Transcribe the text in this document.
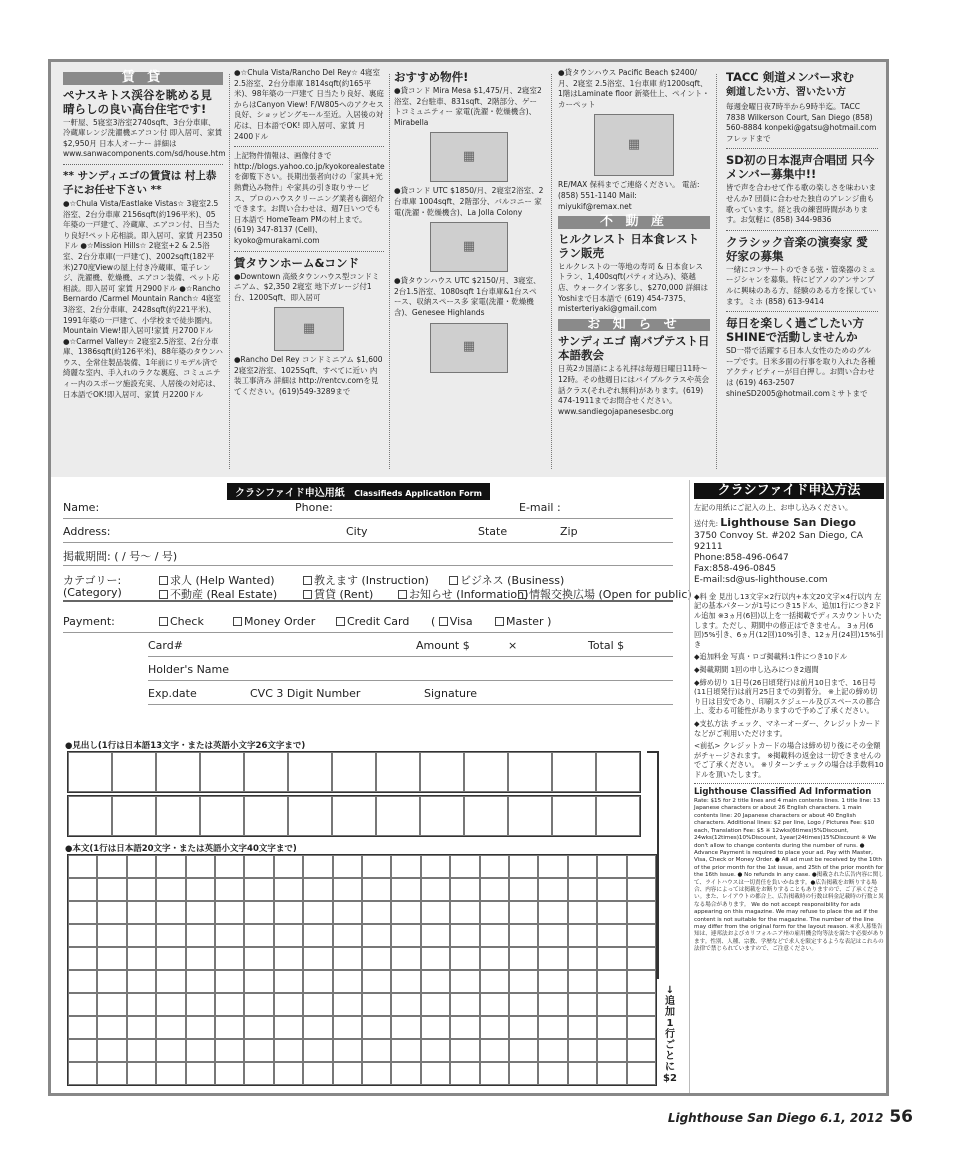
賃 貸
ペナスキトス渓谷を眺める見晴らしの良い高台住宅です!

一軒屋、5寝室3浴室2740sqft、3台分車庫、冷蔵庫レンジ洗濯機エアコン付 即入居可、家賃$2,950月 日本人オーナー 詳細は www.sanwacomponents.com/sd/house.htm

** サンディエゴの賃貸は 村上恭子にお任せ下さい **

●☆Chula Vista/Eastlake Vistas☆ 3寝室2.5浴室、2台分車庫 2156sqft(約196平米)、05年築の一戸建て、冷蔵庫、エアコン付、日当たり良好!ペット応相談。即入居可、家賃 月2350ドル ●☆Mission Hills☆ 2寝室+2 & 2.5浴室、2台分車庫(一戸建て)、2002sqft(182平米)270度Viewの屋上付き冷蔵庫、電子レンジ、洗濯機、乾燥機、エアコン装備、ペット応相談。即入居可 家賃 月2900ドル ●☆Rancho Bernardo /Carmel Mountain Ranch☆ 4寝室3浴室、2台分車庫、2428sqft(約221平米)、1991年築の一戸建て、小学校まで徒歩圏内。Mountain View!即入居可!家賃 月2700ドル ●☆Carmel Valley☆ 2寝室2.5浴室、2台分車庫、1386sqft(約126平米)、88年築のタウンハウス、全常住製品装備、1年前にリモデル済で綺麗な室内、手入れのラクな裏庭、コミュニティー内のスポーツ施設充実、人居後の対応は、日本語でOK!即入居可、家賃 月2200ドル

●☆Chula Vista/Rancho Del Rey☆ 4寝室2.5浴室、2台分車庫 1814sqft(約165平米)、98年築の一戸建て 日当たり良好、裏庭からはCanyon View! F/W805へのアクセス良好、ショッピングモール至近。入居後の対応は、日本語でOK! 即入居可、家賃 月2400ドル

上記物件情報は、画像付きで http://blogs.yahoo.co.jp/kyokorealestate を御覧下さい。長期出張者向けの「家具+光熱費込み物件」や家具の引き取りサービス、プロのハウスクリーニング業者も御紹介できます。お問い合わせは、週7日いつでも日本語で HomeTeam PMの村上まで。(619) 347-8137 (Cell)、kyoko@murakami.com

賃タウンホーム&コンド

●Downtown 高級タウンハウス型コンドミニアム、$2,350 2寝室 地下ガレージ付1台、1200Sqft、即入居可

▦

●Rancho Del Rey コンドミニアム $1,600 2寝室2浴室、1025Sqft、すべてに近い 内装工事済み 詳細は http://rentcv.comを見てください。(619)549-3289まで

おすすめ物件!

●貸コンド Mira Mesa $1,475/月、2寝室2浴室、2台駐車、831sqft、2階部分、ゲートコミュニティー 家電(洗濯・乾燥機含)、Mirabella

▦

●貸コンド UTC $1850/月、2寝室2浴室、2台車庫 1004sqft、2階部分、バルコニー 家電(洗濯・乾燥機含)、La Jolla Colony

▦

●貸タウンハウス UTC $2150/月、3寝室、2台1.5浴室、1080sqft 1台車庫&1台スペース、収納スペース多 家電(洗濯・乾燥機含)、Genesee Highlands

▦

●貸タウンハウス Pacific Beach $2400/月、2寝室 2.5浴室、1台車庫 約1200sqft、1階はLaminate floor 新築仕上、ペイント・カーペット

▦

RE/MAX 保科までご連絡ください。 電話: (858) 551-1140 Mail: miyukif@remax.net

不 動 産
ヒルクレスト 日本食レストラン販売

ヒルクレストの一等地の寿司 & 日本食レストラン、1,400sqft(パティオ込み)、築越店、ウォークイン客多し、$270,000 詳細はYoshiまで日本語で (619) 454-7375、misterteriyaki@gmail.com

お 知 ら せ
サンディエゴ 南バプテスト日本語教会

日英2カ国語による礼拝は毎週日曜日11時〜12時。その他週日にはバイブルクラスや英会話クラス(それぞれ無料)があります。(619) 474-1911までお問合せください。 www.sandiegojapanesesbc.org

TACC 剣道メンバー求む
剣道したい方、習いたい方

毎週金曜日夜7時半から9時半迄。TACC 7838 Wilkerson Court, San Diego (858) 560-8884 konpeki@gatsu@hotmail.com フレッドまで

SD初の日本混声合唱団 只今メンバー募集中!!

皆で声を合わせて作る歌の楽しさを味わいませんか? 団員に合わせた独自のアレンジ曲も歌っています。経と我の練習時間があります。お気軽に (858) 344-9836

クラシック音楽の演奏家 愛好家の募集

一緒にコンサートのできる弦・管楽器のミュージシャンを募集。特にピアノのアンサンブルに興味のある方、経験のある方を探しています。ミホ (858) 613-9414

毎日を楽しく過ごしたい方 SHINEで活動しませんか

SD一帯で活躍する日本人女性のためのグループです。日米多面の行事を取り入れた各種アクティビティーが目白押し。お問い合わせは (619) 463-2507 shineSD2005@hotmail.comミサトまで

クラシファイド申込用紙 Classifieds Application Form
Name:	Phone:	E-mail :
Address:	City	State	Zip
掲載期間: ( / 号〜 / 号)
カテゴリー:
(Category)
求人 (Help Wanted)	教えます (Instruction)	ビジネス (Business)
不動産 (Real Estate)	賃貸 (Rent)	お知らせ (Information) 情報交換広場 (Open for public)
Payment:	Check	Money Order	Credit Card ( Visa	Master )
Card#	Amount $	×	Total $
Holder's Name
Exp.date	CVC 3 Digit Number	Signature
●見出し(1行は日本語13文字・または英語小文字26文字まで)
●本文(1行は日本語20文字・または英語小文字40文字まで)
↓追加1行ごとに$2
クラシファイド申込方法

左記の用紙にご記入の上、お申し込みください。

送付先: Lighthouse San Diego

3750 Convoy St. #202 San Diego, CA 92111

Phone:858-496-0647

Fax:858-496-0845

E-mail:sd@us-lighthouse.com

◆料 金 見出し13文字×2行以内+本文20文字×4行以内 左記の基本パターンが1号につき15ドル、追加1行につき2ドル追加 ※3ヵ月(6回)以上を一括掲載でディスカウントいたします。ただし、期間中の修正はできません。 3ヵ月(6回)5%引き、6ヵ月(12回)10%引き、12ヵ月(24回)15%引き

◆追加料金 写真・ロゴ掲載料:1件につき10ドル

◆掲載期間 1回の申し込みにつき2週間

◆締め切り 1日号(26日頃発行)は前月10日まで、16日号(11日頃発行)は前月25日までの到着分。 ※上記の締め切り日は目安であり、印刷スケジュール及びスペースの都合上、変わる可能性がありますので予めご了承ください。

◆支払方法 チェック、マネーオーダー、クレジットカードなどがご利用いただけます。

<前払> クレジットカードの場合は締め切り後にその金額がチャージされます。 ※掲載料の返金は一切できませんのでご了承ください。 ※リターンチェックの場合は手数料10ドルを頂いたします。

Lighthouse Classified Ad Information

Rate: $15 for 2 title lines and 4 main contents lines. 1 title line: 13 Japanese characters or about 26 English characters. 1 main contents line: 20 Japanese characters or about 40 English characters. Additional lines: $2 per line, Logo / Pictures Fee: $10 each, Translation Fee: $5 ※ 12wks(6times)5%Discount, 24wks(12times)10%Discount, 1year(24times)15%Discount ※ We don't allow to change contents during the number of runs. ● Advance Payment is required to place your ad. Pay with Master, Visa, Check or Money Order. ● All ad must be received by the 10th of the prior month for the 1st issue, and 25th of the prior month for the 16th issue. ● No refunds in any case. ●掲載された広告内容に関して、ライトハウスは一切責任を負いかねます。●広告掲載をお断りする場合、内容によっては掲載をお断りすることもありますので、ご了承ください。また、レイアウトの都合上、広告掲載時の行数は料金記載時の行数と異なる場合があります。 We do not accept responsibility for ads appearing on this magazine. We may refuse to place the ad if the content is not suitable for the magazine. The number of the line may differ from the original form for the layout reason. ※求人募集告知は、連邦法およびカリフォルニア州の雇用機会均等法を満たす必要があります。性別、人種、宗教、学歴などで求人を限定するような表記はこれらの法律で禁じられていますので、ご注意ください。

Lighthouse San Diego 6.1, 2012 56
